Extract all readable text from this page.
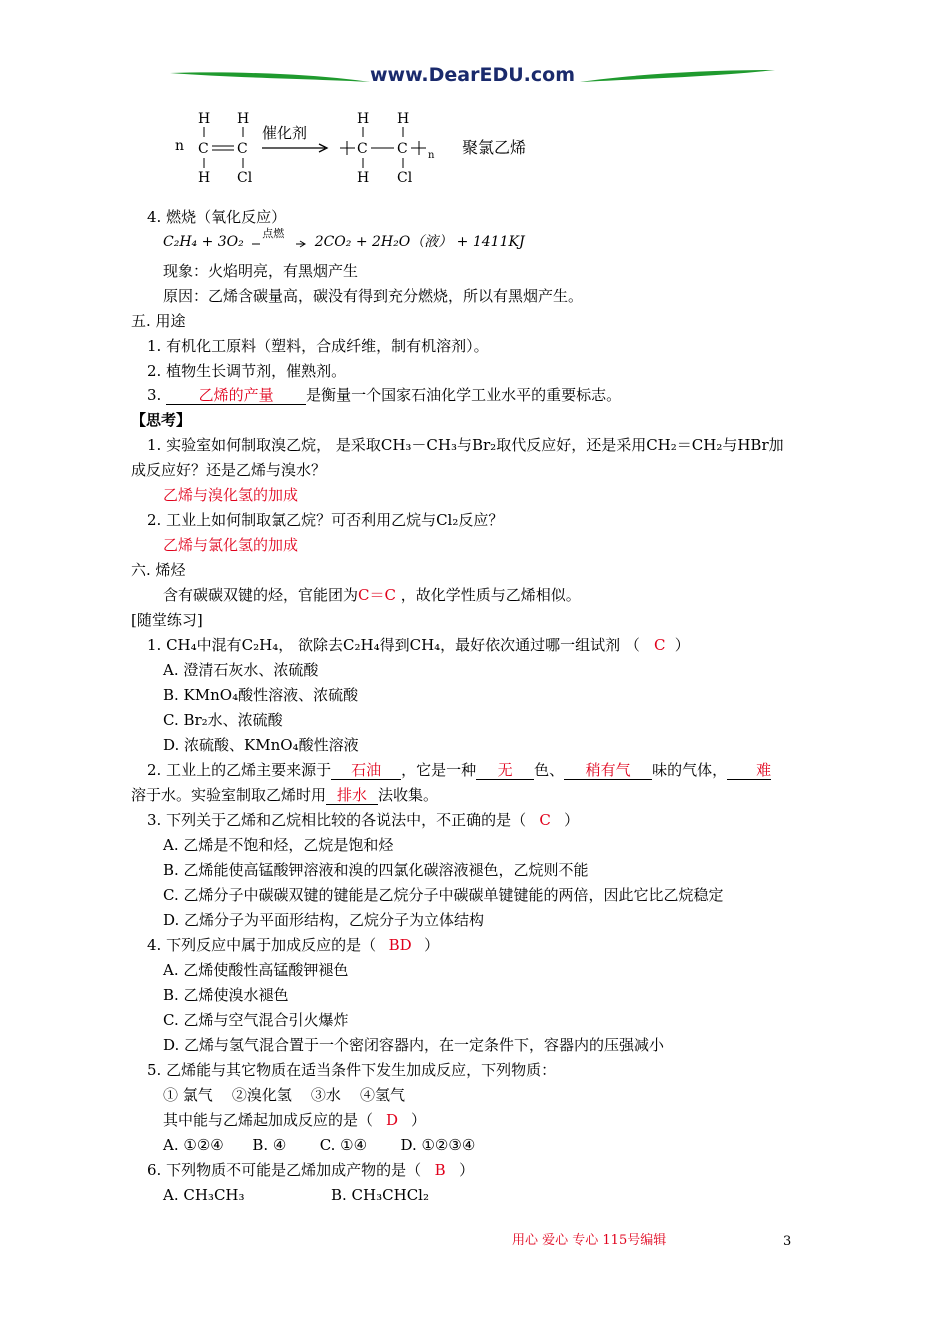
www.DearEDU.com
n
H H
C C
H Cl
催化剂
H H
C C n
H Cl
聚氯乙烯
4. 燃烧（氧化反应）
C₂H₄ + 3O₂
点燃
2CO₂ + 2H₂O（液） + 1411KJ
现象：火焰明亮，有黑烟产生
原因：乙烯含碳量高，碳没有得到充分燃烧，所以有黑烟产生。
五. 用途
1. 有机化工原料（塑料，合成纤维，制有机溶剂）。
2. 植物生长调节剂，催熟剂。
3. 乙烯的产量 是衡量一个国家石油化学工业水平的重要标志。
【思考】
1. 实验室如何制取溴乙烷， 是采取CH₃－CH₃与Br₂取代反应好，还是采用CH₂＝CH₂与HBr加
成反应好？还是乙烯与溴水？
乙烯与溴化氢的加成
2. 工业上如何制取氯乙烷？可否利用乙烷与Cl₂反应？
乙烯与氯化氢的加成
六. 烯烃
含有碳碳双键的烃，官能团为C＝C ，故化学性质与乙烯相似。
[随堂练习]
1. CH₄中混有C₂H₄， 欲除去C₂H₄得到CH₄，最好依次通过哪一组试剂 （ C ）
A. 澄清石灰水、浓硫酸
B. KMnO₄酸性溶液、浓硫酸
C. Br₂水、浓硫酸
D. 浓硫酸、KMnO₄酸性溶液
2. 工业上的乙烯主要来源于 石油 ，它是一种 无 色、 稍有气 味的气体， 难
溶于水。实验室制取乙烯时用 排水 法收集。
3. 下列关于乙烯和乙烷相比较的各说法中，不正确的是（ C ）
A. 乙烯是不饱和烃，乙烷是饱和烃
B. 乙烯能使高锰酸钾溶液和溴的四氯化碳溶液褪色，乙烷则不能
C. 乙烯分子中碳碳双键的键能是乙烷分子中碳碳单键键能的两倍，因此它比乙烷稳定
D. 乙烯分子为平面形结构，乙烷分子为立体结构
4. 下列反应中属于加成反应的是（ BD ）
A. 乙烯使酸性高锰酸钾褪色
B. 乙烯使溴水褪色
C. 乙烯与空气混合引火爆炸
D. 乙烯与氢气混合置于一个密闭容器内，在一定条件下，容器内的压强减小
5. 乙烯能与其它物质在适当条件下发生加成反应，下列物质：
① 氯气    ②溴化氢    ③水    ④氢气
其中能与乙烯起加成反应的是（ D ）
A. ①②④      B. ④       C. ①④       D. ①②③④
6. 下列物质不可能是乙烯加成产物的是（ B ）
A. CH₃CH₃	B. CH₃CHCl₂
用心 爱心 专心 115号编辑	3
